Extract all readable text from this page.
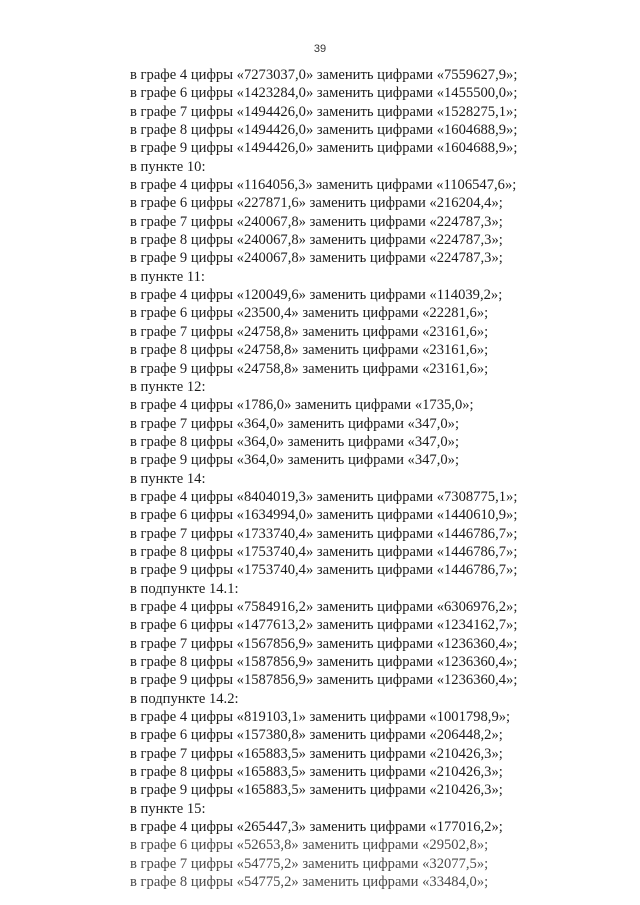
39
в графе 4 цифры «7273037,0» заменить цифрами «7559627,9»;
в графе 6 цифры «1423284,0» заменить цифрами «1455500,0»;
в графе 7 цифры «1494426,0» заменить цифрами «1528275,1»;
в графе 8 цифры «1494426,0» заменить цифрами «1604688,9»;
в графе 9 цифры «1494426,0» заменить цифрами «1604688,9»;
в пункте 10:
в графе 4 цифры «1164056,3» заменить цифрами «1106547,6»;
в графе 6 цифры «227871,6» заменить цифрами «216204,4»;
в графе 7 цифры «240067,8» заменить цифрами «224787,3»;
в графе 8 цифры «240067,8» заменить цифрами «224787,3»;
в графе 9 цифры «240067,8» заменить цифрами «224787,3»;
в пункте 11:
в графе 4 цифры «120049,6» заменить цифрами «114039,2»;
в графе 6 цифры «23500,4» заменить цифрами «22281,6»;
в графе 7 цифры «24758,8» заменить цифрами «23161,6»;
в графе 8 цифры «24758,8» заменить цифрами «23161,6»;
в графе 9 цифры «24758,8» заменить цифрами «23161,6»;
в пункте 12:
в графе 4 цифры «1786,0» заменить цифрами «1735,0»;
в графе 7 цифры «364,0» заменить цифрами «347,0»;
в графе 8 цифры «364,0» заменить цифрами «347,0»;
в графе 9 цифры «364,0» заменить цифрами «347,0»;
в пункте 14:
в графе 4 цифры «8404019,3» заменить цифрами «7308775,1»;
в графе 6 цифры «1634994,0» заменить цифрами «1440610,9»;
в графе 7 цифры «1733740,4» заменить цифрами «1446786,7»;
в графе 8 цифры «1753740,4» заменить цифрами «1446786,7»;
в графе 9 цифры «1753740,4» заменить цифрами «1446786,7»;
в подпункте 14.1:
в графе 4 цифры «7584916,2» заменить цифрами «6306976,2»;
в графе 6 цифры «1477613,2» заменить цифрами «1234162,7»;
в графе 7 цифры «1567856,9» заменить цифрами «1236360,4»;
в графе 8 цифры «1587856,9» заменить цифрами «1236360,4»;
в графе 9 цифры «1587856,9» заменить цифрами «1236360,4»;
в подпункте 14.2:
в графе 4 цифры «819103,1» заменить цифрами «1001798,9»;
в графе 6 цифры «157380,8» заменить цифрами «206448,2»;
в графе 7 цифры «165883,5» заменить цифрами «210426,3»;
в графе 8 цифры «165883,5» заменить цифрами «210426,3»;
в графе 9 цифры «165883,5» заменить цифрами «210426,3»;
в пункте 15:
в графе 4 цифры «265447,3» заменить цифрами «177016,2»;
в графе 6 цифры «52653,8» заменить цифрами «29502,8»;
в графе 7 цифры «54775,2» заменить цифрами «32077,5»;
в графе 8 цифры «54775,2» заменить цифрами «33484,0»;
